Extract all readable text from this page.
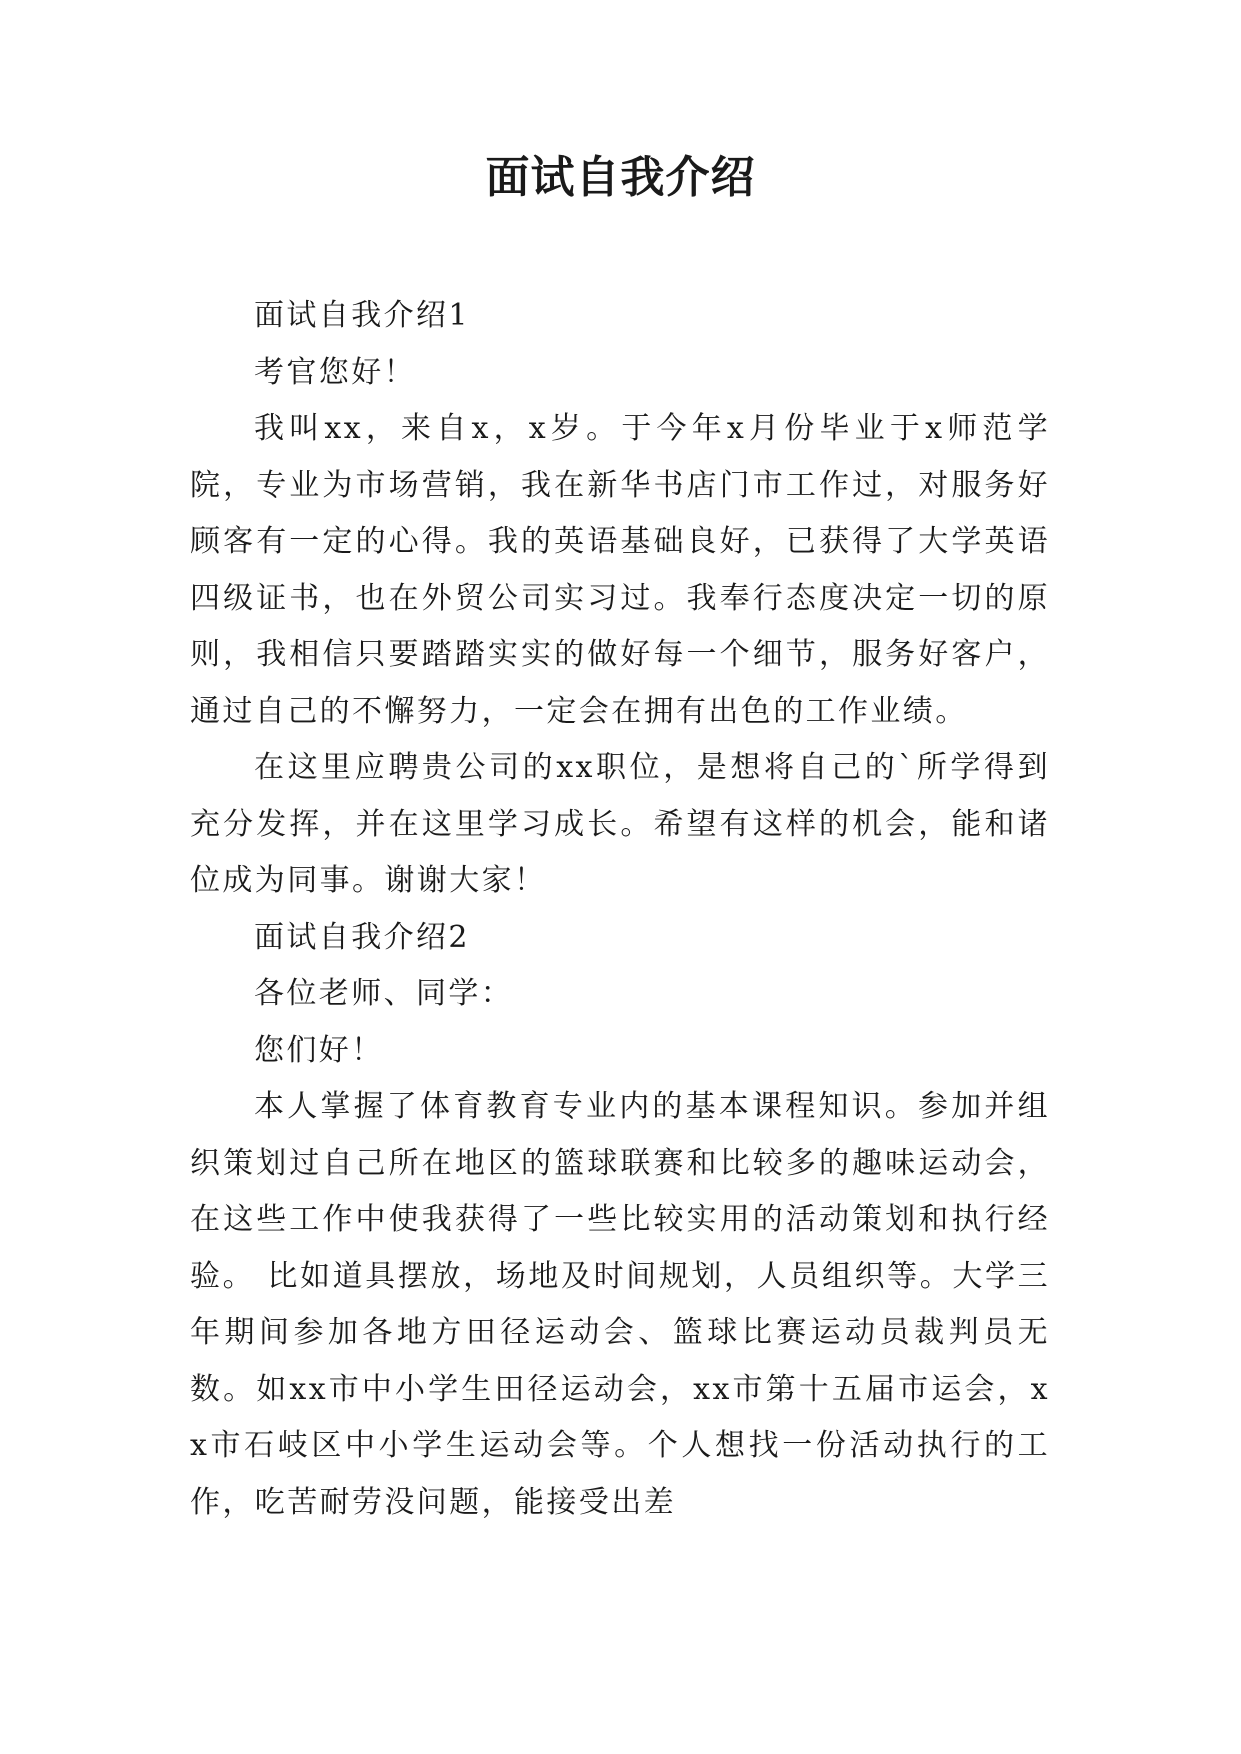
面试自我介绍

面试自我介绍1

考官您好！

我叫xx，来自x，x岁。于今年x月份毕业于x师范学院，专业为市场营销，我在新华书店门市工作过，对服务好顾客有一定的心得。我的英语基础良好，已获得了大学英语四级证书，也在外贸公司实习过。我奉行态度决定一切的原则，我相信只要踏踏实实的做好每一个细节，服务好客户，通过自己的不懈努力，一定会在拥有出色的工作业绩。

在这里应聘贵公司的xx职位，是想将自己的`所学得到充分发挥，并在这里学习成长。希望有这样的机会，能和诸位成为同事。谢谢大家！

面试自我介绍2

各位老师、同学：

您们好！

本人掌握了体育教育专业内的基本课程知识。参加并组织策划过自己所在地区的篮球联赛和比较多的趣味运动会，在这些工作中使我获得了一些比较实用的活动策划和执行经验。 比如道具摆放，场地及时间规划，人员组织等。大学三年期间参加各地方田径运动会、篮球比赛运动员裁判员无数。如xx市中小学生田径运动会，xx市第十五届市运会，xx市石岐区中小学生运动会等。个人想找一份活动执行的工作，吃苦耐劳没问题，能接受出差
